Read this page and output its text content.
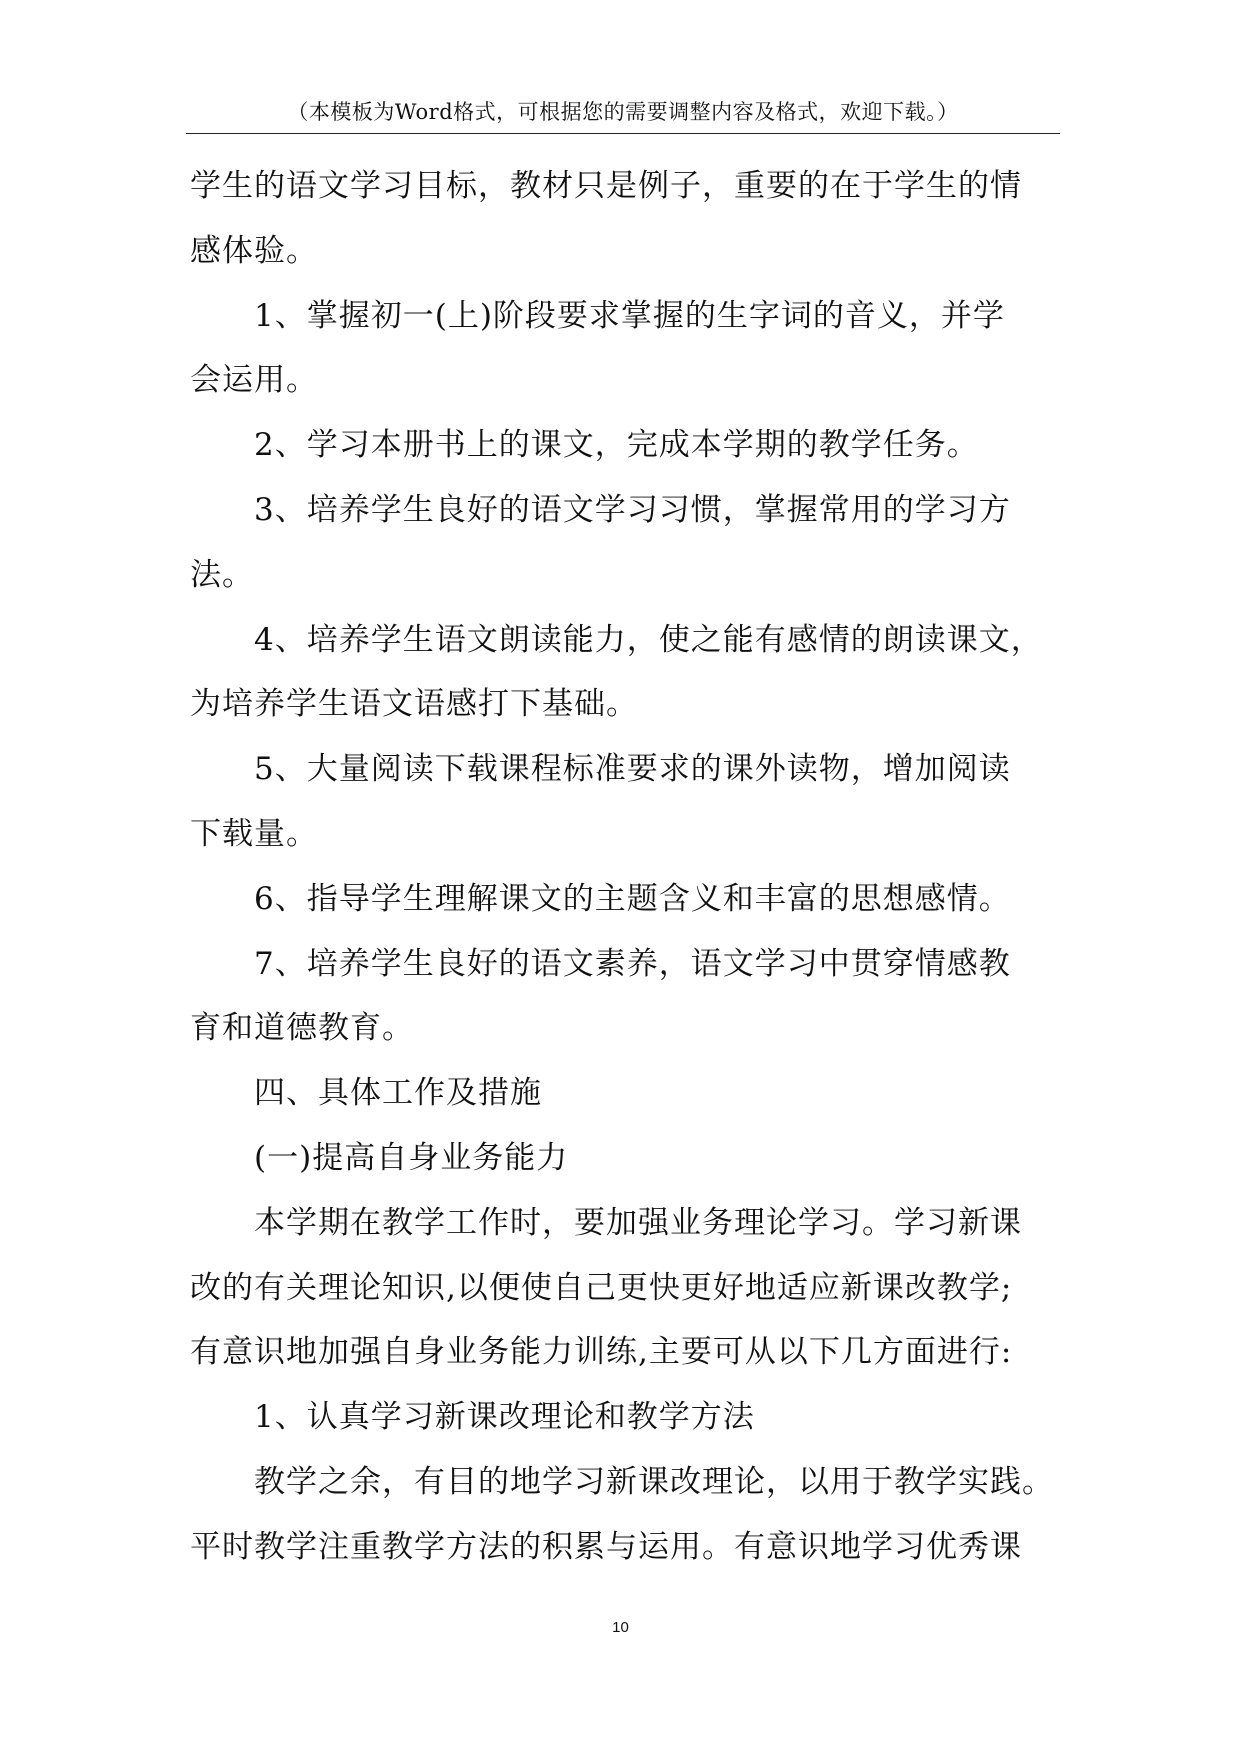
（本模板为Word格式，可根据您的需要调整内容及格式，欢迎下载。）
学生的语文学习目标，教材只是例子，重要的在于学生的情
感体验。
1、掌握初一(上)阶段要求掌握的生字词的音义，并学
会运用。
2、学习本册书上的课文，完成本学期的教学任务。
3、培养学生良好的语文学习习惯，掌握常用的学习方
法。
4、培养学生语文朗读能力，使之能有感情的朗读课文，
为培养学生语文语感打下基础。
5、大量阅读下载课程标准要求的课外读物，增加阅读
下载量。
6、指导学生理解课文的主题含义和丰富的思想感情。
7、培养学生良好的语文素养，语文学习中贯穿情感教
育和道德教育。
四、具体工作及措施
(一)提高自身业务能力
本学期在教学工作时，要加强业务理论学习。学习新课
改的有关理论知识,以便使自己更快更好地适应新课改教学;
有意识地加强自身业务能力训练,主要可从以下几方面进行:
1、认真学习新课改理论和教学方法
教学之余，有目的地学习新课改理论，以用于教学实践。
平时教学注重教学方法的积累与运用。有意识地学习优秀课
10
